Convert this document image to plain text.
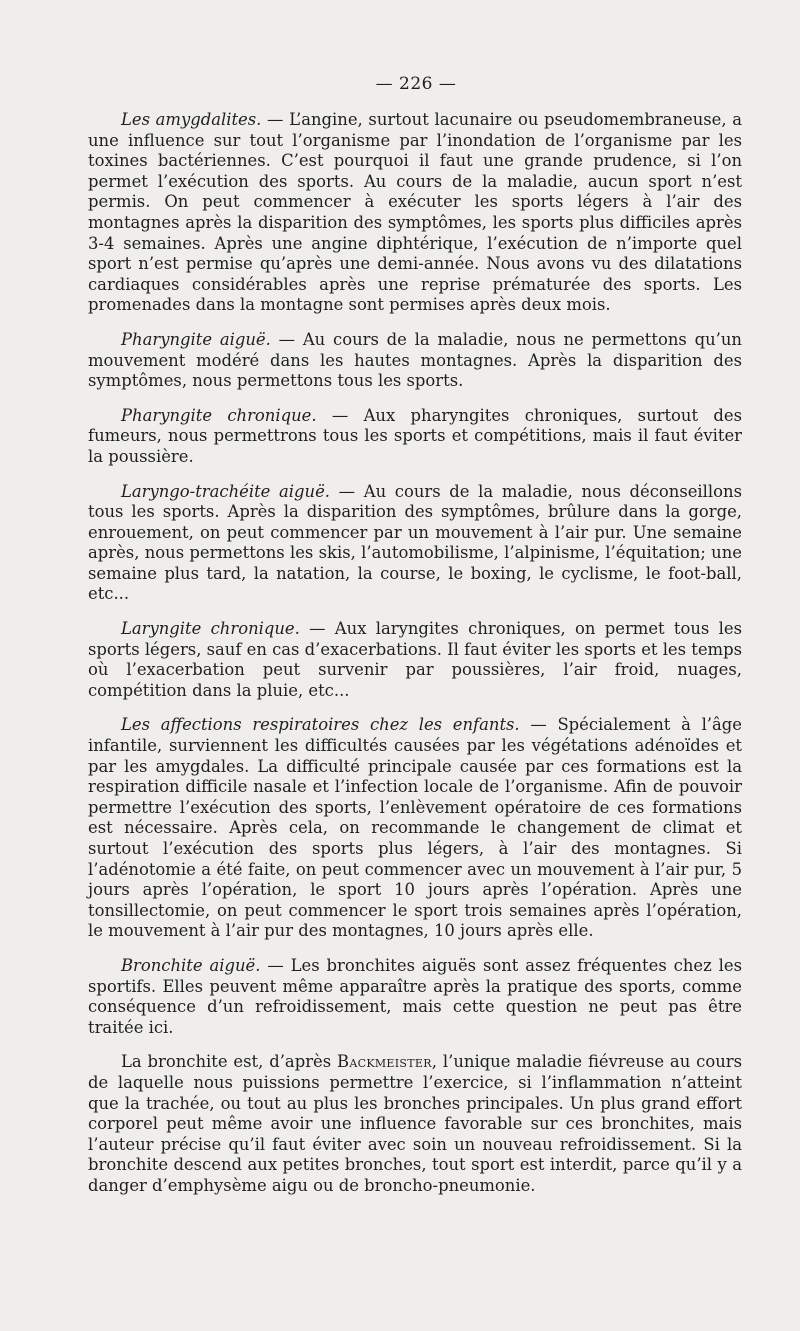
— 226 —

Les amygdalites. — L’angine, surtout lacunaire ou pseudomembraneuse, a une influence sur tout l’organisme par l’inondation de l’organisme par les toxines bactériennes. C’est pourquoi il faut une grande prudence, si l’on permet l’exécution des sports. Au cours de la maladie, aucun sport n’est permis. On peut commencer à exécuter les sports légers à l’air des montagnes après la disparition des symptômes, les sports plus difficiles après 3-4 semaines. Après une angine diphtérique, l’exécution de n’importe quel sport n’est permise qu’après une demi-année. Nous avons vu des dilatations cardiaques considérables après une reprise prématurée des sports. Les promenades dans la montagne sont permises après deux mois.

Pharyngite aiguë. — Au cours de la maladie, nous ne permettons qu’un mouvement modéré dans les hautes montagnes. Après la disparition des symptômes, nous permettons tous les sports.

Pharyngite chronique. — Aux pharyngites chroniques, surtout des fumeurs, nous permettrons tous les sports et compétitions, mais il faut éviter la poussière.

Laryngo-trachéite aiguë. — Au cours de la maladie, nous déconseillons tous les sports. Après la disparition des symptômes, brûlure dans la gorge, enrouement, on peut commencer par un mouvement à l’air pur. Une semaine après, nous permettons les skis, l’automobilisme, l’alpinisme, l’équitation; une semaine plus tard, la natation, la course, le boxing, le cyclisme, le foot-ball, etc...

Laryngite chronique. — Aux laryngites chroniques, on permet tous les sports légers, sauf en cas d’exacerbations. Il faut éviter les sports et les temps où l’exacerbation peut survenir par poussières, l’air froid, nuages, compétition dans la pluie, etc...

Les affections respiratoires chez les enfants. — Spécialement à l’âge infantile, surviennent les difficultés causées par les végétations adénoïdes et par les amygdales. La difficulté principale causée par ces formations est la respiration difficile nasale et l’infection locale de l’organisme. Afin de pouvoir permettre l’exécution des sports, l’enlèvement opératoire de ces formations est nécessaire. Après cela, on recommande le changement de climat et surtout l’exécution des sports plus légers, à l’air des montagnes. Si l’adénotomie a été faite, on peut commencer avec un mouvement à l’air pur, 5 jours après l’opération, le sport 10 jours après l’opération. Après une tonsillectomie, on peut commencer le sport trois semaines après l’opération, le mouvement à l’air pur des montagnes, 10 jours après elle.

Bronchite aiguë. — Les bronchites aiguës sont assez fréquentes chez les sportifs. Elles peuvent même apparaître après la pratique des sports, comme conséquence d’un refroidissement, mais cette question ne peut pas être traitée ici.

La bronchite est, d’après Backmeister, l’unique maladie fiévreuse au cours de laquelle nous puissions permettre l’exercice, si l’inflammation n’atteint que la trachée, ou tout au plus les bronches principales. Un plus grand effort corporel peut même avoir une influence favorable sur ces bronchites, mais l’auteur précise qu’il faut éviter avec soin un nouveau refroidissement. Si la bronchite descend aux petites bronches, tout sport est interdit, parce qu’il y a danger d’emphysème aigu ou de broncho-pneumonie.
